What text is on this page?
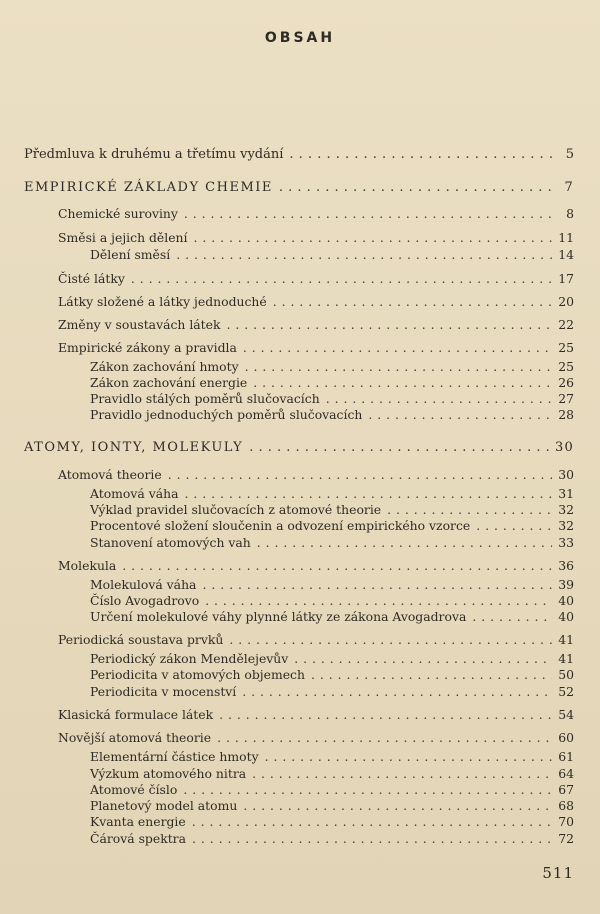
OBSAH
Předmluva k druhému a třetímu vydání . . .	5
EMPIRICKÉ ZÁKLADY CHEMIE . . .	7
Chemické suroviny . . .	8
Směsi a jejich dělení . . .	11
Dělení směsí . . .	14
Čisté látky . . .	17
Látky složené a látky jednoduché . . .	20
Změny v soustavách látek . . .	22
Empirické zákony a pravidla . . .	25
Zákon zachování hmoty . . .	25
Zákon zachování energie . . .	26
Pravidlo stálých poměrů slučovacích . . .	27
Pravidlo jednoduchých poměrů slučovacích . . .	28
ATOMY, IONTY, MOLEKULY . . .	30
Atomová theorie . . .	30
Atomová váha . . .	31
Výklad pravidel slučovacích z atomové theorie . . .	32
Procentové složení sloučenin a odvození empirického vzorce . . .	32
Stanovení atomových vah . . .	33
Molekula . . .	36
Molekulová váha . . .	39
Číslo Avogadrovo . . .	40
Určení molekulové váhy plynné látky ze zákona Avogadrova . . .	40
Periodická soustava prvků . . .	41
Periodický zákon Mendělejevův . . .	41
Periodicita v atomových objemech . . .	50
Periodicita v mocenství . . .	52
Klasická formulace látek . . .	54
Novější atomová theorie . . .	60
Elementární částice hmoty . . .	61
Výzkum atomového nitra . . .	64
Atomové číslo . . .	67
Planetový model atomu . . .	68
Kvanta energie . . .	70
Čárová spektra . . .	72
511
